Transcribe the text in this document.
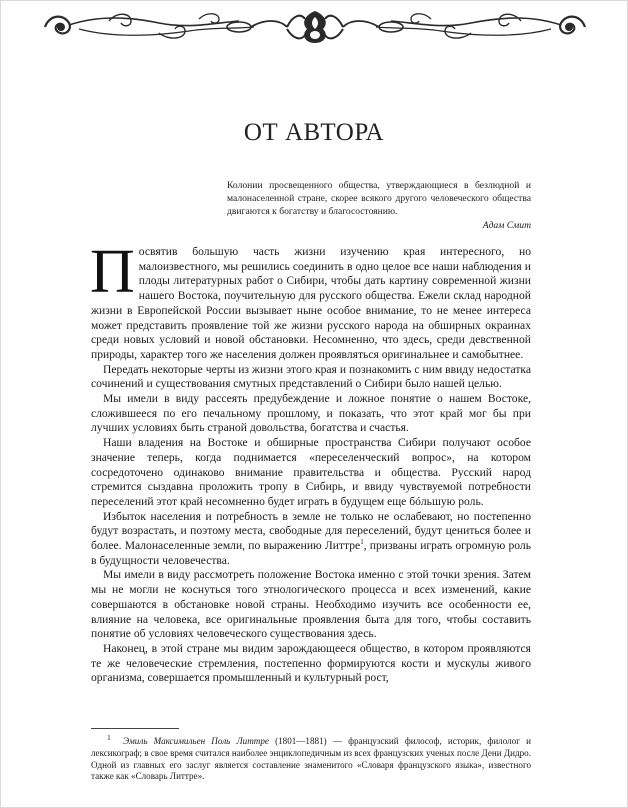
ОТ АВТОРА
Колонии просвещенного общества, утверждающиеся в безлюдной и малонаселенной стране, скорее всякого другого человеческого общества двигаются к богатству и благосостоянию.
Адам Смит

Посвятив большую часть жизни изучению края интересного, но малоизвестного, мы решились соединить в одно целое все наши наблюдения и плоды литературных работ о Сибири, чтобы дать картину современной жизни нашего Востока, поучительную для русского общества. Ежели склад народной жизни в Европейской России вызывает ныне особое внимание, то не менее интереса может представить проявление той же жизни русского народа на обширных окраинах среди новых условий и новой обстановки. Несомненно, что здесь, среди девственной природы, характер того же населения должен проявляться оригинальнее и самобытнее.

Передать некоторые черты из жизни этого края и познакомить с ним ввиду недостатка сочинений и существования смутных представлений о Сибири было нашей целью.

Мы имели в виду рассеять предубеждение и ложное понятие о нашем Востоке, сложившееся по его печальному прошлому, и показать, что этот край мог бы при лучших условиях быть страной довольства, богатства и счастья.

Наши владения на Востоке и обширные пространства Сибири получают особое значение теперь, когда поднимается «переселенческий вопрос», на котором сосредоточено одинаково внимание правительства и общества. Русский народ стремится сыздавна проложить тропу в Сибирь, и ввиду чувствуемой потребности переселений этот край несомненно будет играть в будущем еще бóльшую роль.

Избыток населения и потребность в земле не только не ослабевают, но постепенно будут возрастать, и поэтому места, свободные для переселений, будут цениться более и более. Малонаселенные земли, по выражению Литтре$^1$, призваны играть огромную роль в будущности человечества.

Мы имели в виду рассмотреть положение Востока именно с этой точки зрения. Затем мы не могли не коснуться того этнологического процесса и всех изменений, какие совершаются в обстановке новой страны. Необходимо изучить все особенности ее, влияние на человека, все оригинальные проявления быта для того, чтобы составить понятие об условиях человеческого существования здесь.

Наконец, в этой стране мы видим зарождающееся общество, в котором проявляются те же человеческие стремления, постепенно формируются кости и мускулы живого организма, совершается промышленный и культурный рост,

$^1$ Эмиль Максимильен Поль Литтре (1801—1881) — французский философ, историк, филолог и лексикограф; в свое время считался наиболее энциклопедичным из всех французских ученых после Дени Дидро. Одной из главных его заслуг является составление знаменитого «Словаря французского языка», известного также как «Словарь Литтре».
